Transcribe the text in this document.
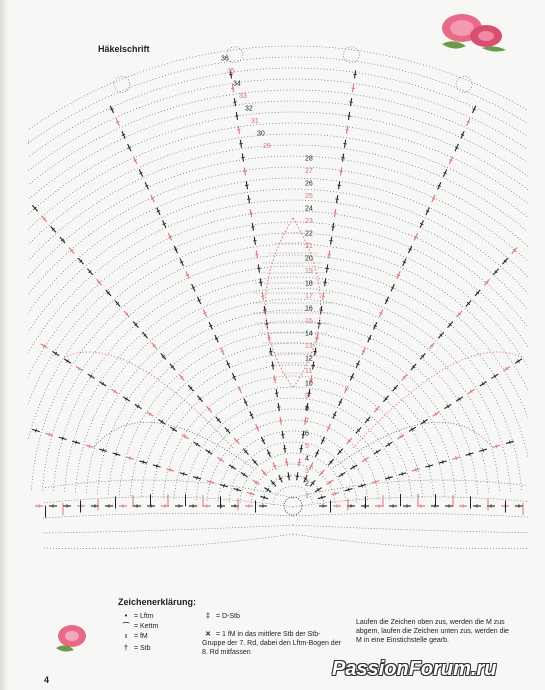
Häkelschrift
1
2
3
4
5
6
7
8
9
10
11
12
13
14
15
16
17
18
19
20
21
22
23
24
25
26
27
28
29
30
31
32
33
34
35
36
Zeichenerklärung:
• = Lftm
⌒ = Kettm
ı = fM
† = Stb
‡ = D-Stb
✕ = 1 fM in das mittlere Stb der Stb-Gruppe der 7. Rd, dabei den Lftm-Bogen der 8. Rd mitfassen
Laufen die Zeichen oben zus, werden die M zus abgem, laufen die Zeichen unten zus, werden die M in eine Einstichstelle gearb.
4	PassionForum.ru
